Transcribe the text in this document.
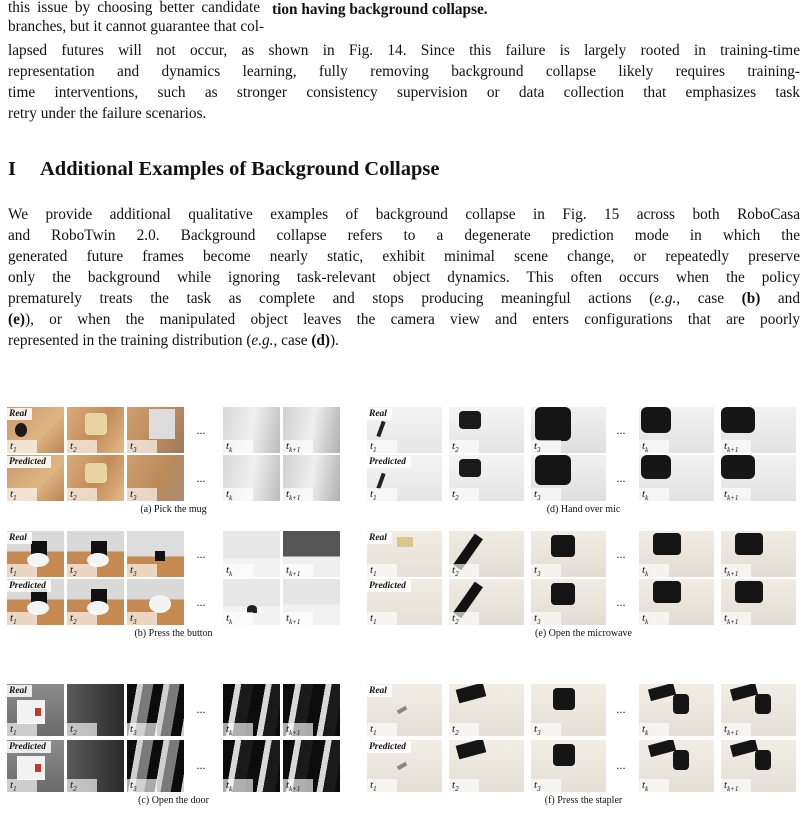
this issue by choosing better candidate
branches, but it cannot guarantee that col-
tion having background collapse.
lapsed futures will not occur, as shown in Fig. 14. Since this failure is largely rooted in training-time
representation and dynamics learning, fully removing background collapse likely requires training-
time interventions, such as stronger consistency supervision or data collection that emphasizes task
retry under the failure scenarios.
I Additional Examples of Background Collapse
We provide additional qualitative examples of background collapse in Fig. 15 across both RoboCasa
and RoboTwin 2.0. Background collapse refers to a degenerate prediction mode in which the
generated future frames become nearly static, exhibit minimal scene change, or repeatedly preserve
only the background while ignoring task-relevant object dynamics. This often occurs when the policy
prematurely treats the task as complete and stops producing meaningful actions (e.g., case (b) and
(e)), or when the manipulated object leaves the camera view and enters configurations that are poorly
represented in the training distribution (e.g., case (d)).
$t_1$	$t_2$	$t_3$
...
$t_k$	$t_{k+1}$
Real
$t_1$	$t_2$	$t_3$
...
$t_k$	$t_{k+1}$
Predicted
(a) Pick the mug
$t_1$	$t_2$	$t_3$
...
$t_k$	$t_{k+1}$
Real
$t_1$	$t_2$	$t_3$
...
$t_k$	$t_{k+1}$
Predicted
(d) Hand over mic
$t_1$	$t_2$	$t_3$
...
$t_k$	$t_{k+1}$
Real
$t_1$	$t_2$	$t_3$
...
$t_k$	$t_{k+1}$
Predicted
(b) Press the button
$t_1$	$t_2$	$t_3$
...
$t_k$	$t_{k+1}$
Real
$t_1$	$t_2$	$t_3$
...
$t_k$	$t_{k+1}$
Predicted
(e) Open the microwave
$t_1$	$t_2$	$t_3$
...
$t_k$	$t_{k+1}$
Real
$t_1$	$t_2$	$t_3$
...
$t_k$	$t_{k+1}$
Predicted
(c) Open the door
$t_1$	$t_2$	$t_3$
...
$t_k$	$t_{k+1}$
Real
$t_1$	$t_2$	$t_3$
...
$t_k$	$t_{k+1}$
Predicted
(f) Press the stapler
